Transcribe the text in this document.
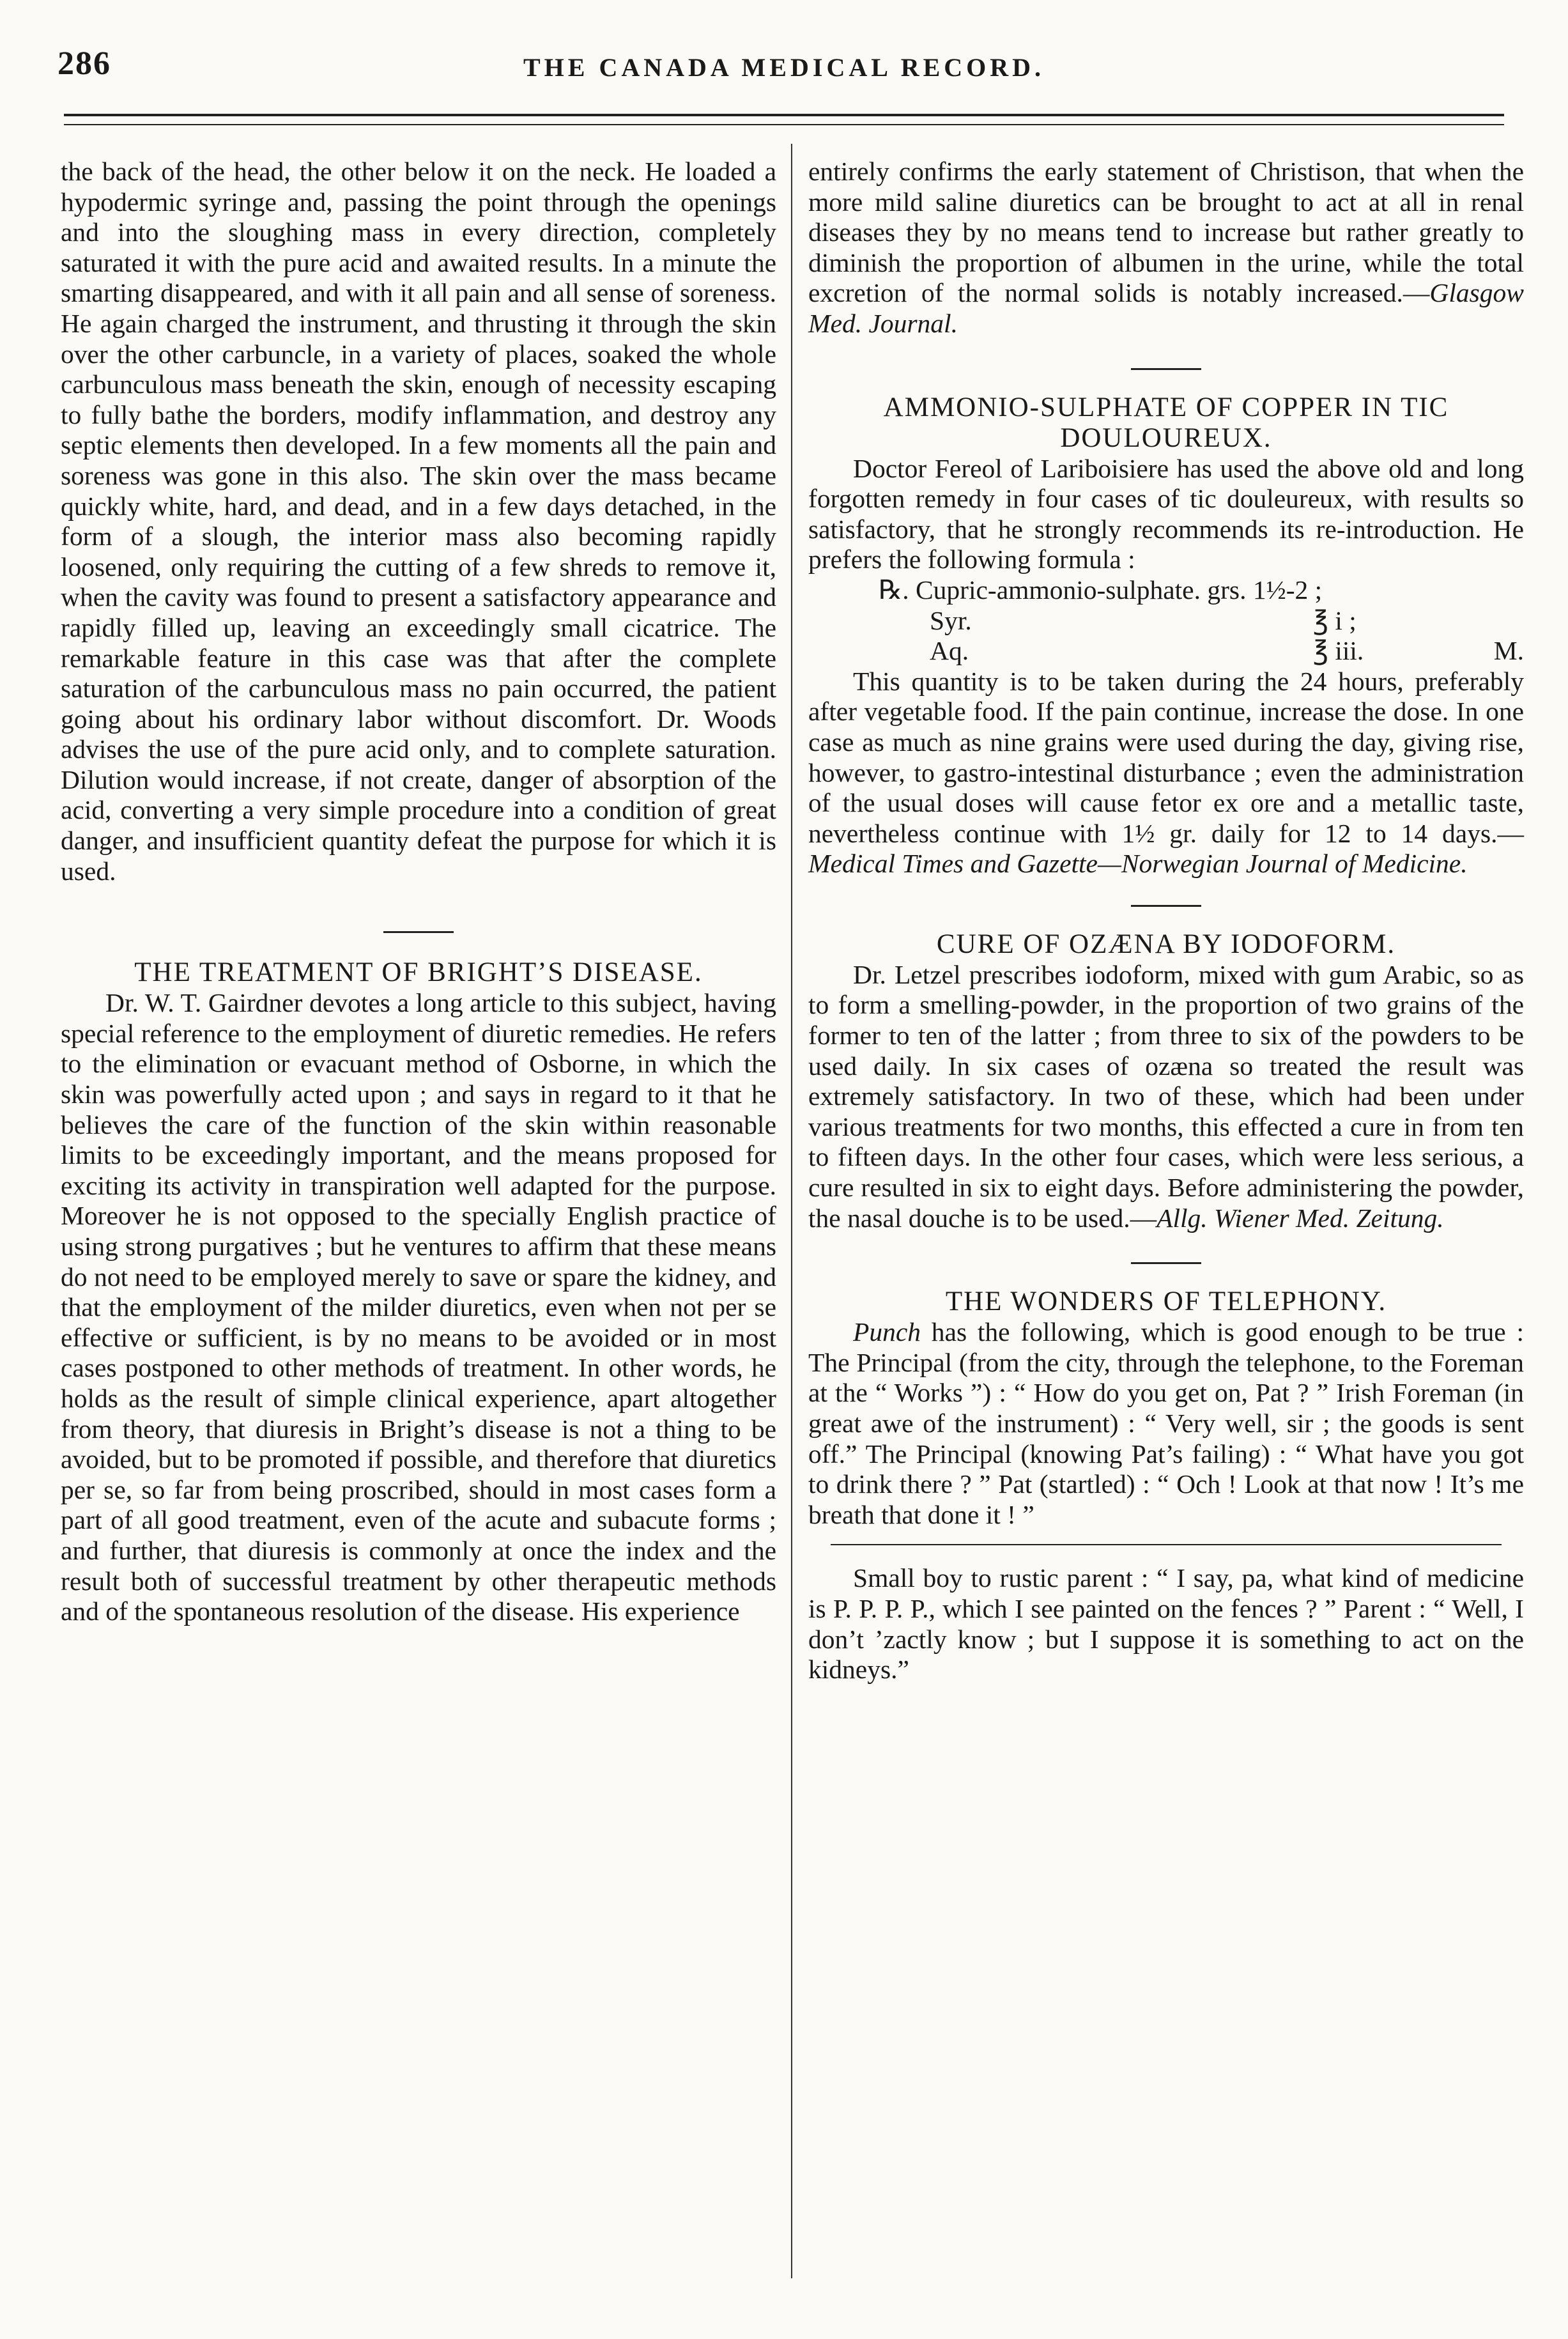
286	THE CANADA MEDICAL RECORD.

the back of the head, the other below it on the neck. He loaded a hypodermic syringe and, passing the point through the openings and into the sloughing mass in every direction, completely saturated it with the pure acid and awaited results. In a minute the smarting disappeared, and with it all pain and all sense of soreness. He again charged the instrument, and thrusting it through the skin over the other carbuncle, in a variety of places, soaked the whole carbunculous mass beneath the skin, enough of necessity escaping to fully bathe the borders, modify inflammation, and destroy any septic elements then developed. In a few moments all the pain and soreness was gone in this also. The skin over the mass became quickly white, hard, and dead, and in a few days detached, in the form of a slough, the interior mass also becoming rapidly loosened, only requiring the cutting of a few shreds to remove it, when the cavity was found to present a satisfactory appearance and rapidly filled up, leaving an exceedingly small cicatrice. The remarkable feature in this case was that after the complete saturation of the carbunculous mass no pain occurred, the patient going about his ordinary labor without discomfort. Dr. Woods advises the use of the pure acid only, and to complete saturation. Dilution would increase, if not create, danger of absorption of the acid, converting a very simple procedure into a condition of great danger, and insufficient quantity defeat the purpose for which it is used.

THE TREATMENT OF BRIGHT’S DISEASE.

Dr. W. T. Gairdner devotes a long article to this subject, having special reference to the employment of diuretic remedies. He refers to the elimination or evacuant method of Osborne, in which the skin was powerfully acted upon ; and says in regard to it that he believes the care of the function of the skin within reasonable limits to be exceedingly important, and the means proposed for exciting its activity in transpiration well adapted for the purpose. Moreover he is not opposed to the specially English practice of using strong purgatives ; but he ventures to affirm that these means do not need to be employed merely to save or spare the kidney, and that the employment of the milder diuretics, even when not per se effective or sufficient, is by no means to be avoided or in most cases postponed to other methods of treatment. In other words, he holds as the result of simple clinical experience, apart altogether from theory, that diuresis in Bright’s disease is not a thing to be avoided, but to be promoted if possible, and therefore that diuretics per se, so far from being proscribed, should in most cases form a part of all good treatment, even of the acute and subacute forms ; and further, that diuresis is commonly at once the index and the result both of successful treatment by other therapeutic methods and of the spontaneous resolution of the disease. His experience

entirely confirms the early statement of Christison, that when the more mild saline diuretics can be brought to act at all in renal diseases they by no means tend to increase but rather greatly to diminish the proportion of albumen in the urine, while the total excretion of the normal solids is notably increased.—Glasgow Med. Journal.

AMMONIO-SULPHATE OF COPPER IN TIC DOULOUREUX.

Doctor Fereol of Lariboisiere has used the above old and long forgotten remedy in four cases of tic douleureux, with results so satisfactory, that he strongly recommends its re-introduction. He prefers the following formula :

℞. Cupric-ammonio-sulphate. grs. 1½-2 ;
Syr.	℥ i ;
Aq.	℥ iii.	M.

This quantity is to be taken during the 24 hours, preferably after vegetable food. If the pain continue, increase the dose. In one case as much as nine grains were used during the day, giving rise, however, to gastro-intestinal disturbance ; even the administration of the usual doses will cause fetor ex ore and a metallic taste, nevertheless continue with 1½ gr. daily for 12 to 14 days.—Medical Times and Gazette—Norwegian Journal of Medicine.

CURE OF OZÆNA BY IODOFORM.

Dr. Letzel prescribes iodoform, mixed with gum Arabic, so as to form a smelling-powder, in the proportion of two grains of the former to ten of the latter ; from three to six of the powders to be used daily. In six cases of ozæna so treated the result was extremely satisfactory. In two of these, which had been under various treatments for two months, this effected a cure in from ten to fifteen days. In the other four cases, which were less serious, a cure resulted in six to eight days. Before administering the powder, the nasal douche is to be used.—Allg. Wiener Med. Zeitung.

THE WONDERS OF TELEPHONY.

Punch has the following, which is good enough to be true : The Principal (from the city, through the telephone, to the Foreman at the “ Works ”) : “ How do you get on, Pat ? ” Irish Foreman (in great awe of the instrument) : “ Very well, sir ; the goods is sent off.” The Principal (knowing Pat’s failing) : “ What have you got to drink there ? ” Pat (startled) : “ Och ! Look at that now ! It’s me breath that done it ! ”

Small boy to rustic parent : “ I say, pa, what kind of medicine is P. P. P. P., which I see painted on the fences ? ” Parent : “ Well, I don’t ’zactly know ; but I suppose it is something to act on the kidneys.”
